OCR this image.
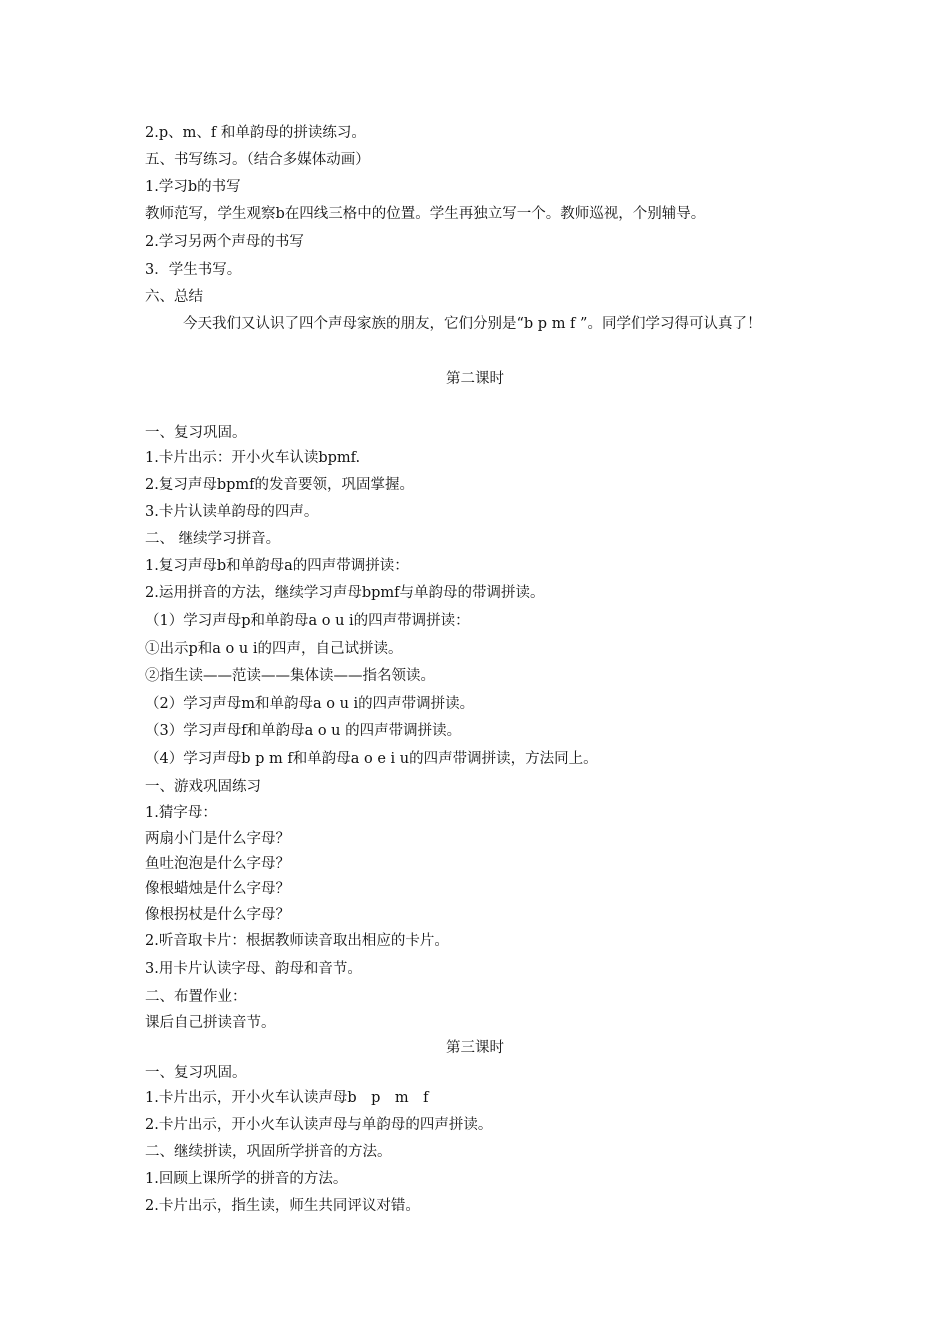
2.p、m、f 和单韵母的拼读练习。
五、书写练习。（结合多媒体动画）
1.学习b的书写
教师范写，学生观察b在四线三格中的位置。学生再独立写一个。教师巡视，个别辅导。
2.学习另两个声母的书写
3．学生书写。
六、总结
今天我们又认识了四个声母家族的朋友，它们分别是“b p m f ”。同学们学习得可认真了！
第二课时
一、复习巩固。
1.卡片出示：开小火车认读bpmf.
2.复习声母bpmf的发音要领，巩固掌握。
3.卡片认读单韵母的四声。
二、 继续学习拼音。
1.复习声母b和单韵母a的四声带调拼读：
2.运用拼音的方法，继续学习声母bpmf与单韵母的带调拼读。
（1）学习声母p和单韵母a o u i的四声带调拼读：
①出示p和a o u i的四声，自己试拼读。
②指生读——范读——集体读——指名领读。
（2）学习声母m和单韵母a o u i的四声带调拼读。
（3）学习声母f和单韵母a o u 的四声带调拼读。
（4）学习声母b p m f和单韵母a o e i u的四声带调拼读，方法同上。
一、游戏巩固练习
1.猜字母：
两扇小门是什么字母？
鱼吐泡泡是什么字母？
像根蜡烛是什么字母？
像根拐杖是什么字母？
2.听音取卡片：根据教师读音取出相应的卡片。
3.用卡片认读字母、韵母和音节。
二、布置作业：
课后自己拼读音节。
第三课时
一、复习巩固。
1.卡片出示，开小火车认读声母b　p　m　f
2.卡片出示，开小火车认读声母与单韵母的四声拼读。
二、继续拼读，巩固所学拼音的方法。
1.回顾上课所学的拼音的方法。
2.卡片出示，指生读，师生共同评议对错。
